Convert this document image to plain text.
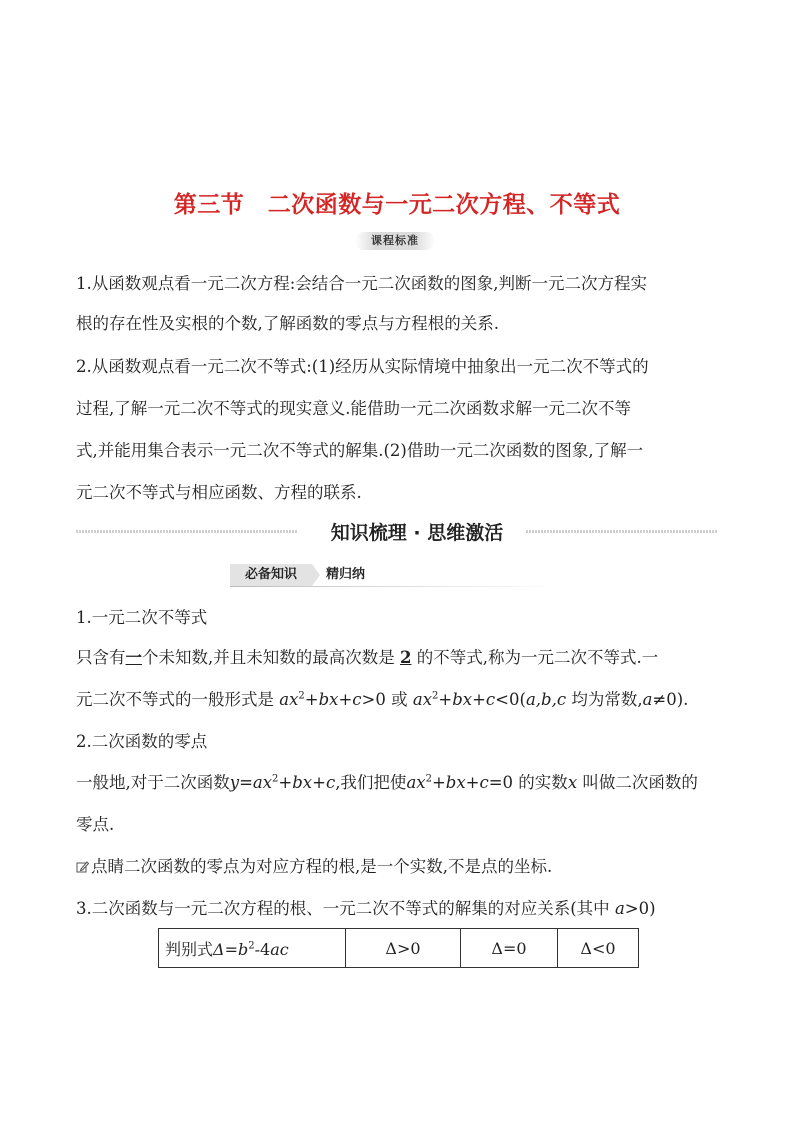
第三节　二次函数与一元二次方程、不等式
课程标准
1.从函数观点看一元二次方程:会结合一元二次函数的图象,判断一元二次方程实
根的存在性及实根的个数,了解函数的零点与方程根的关系.
2.从函数观点看一元二次不等式:(1)经历从实际情境中抽象出一元二次不等式的
过程,了解一元二次不等式的现实意义.能借助一元二次函数求解一元二次不等
式,并能用集合表示一元二次不等式的解集.(2)借助一元二次函数的图象,了解一
元二次不等式与相应函数、方程的联系.
知识梳理 · 思维激活
必备知识	精归纳
1.一元二次不等式
只含有一个未知数,并且未知数的最高次数是 2 的不等式,称为一元二次不等式.一
元二次不等式的一般形式是 $ax^2+bx+c>0$ 或 $ax^2+bx+c<0(a,b,c$ 均为常数,a≠0).
2.二次函数的零点
一般地,对于二次函数$y=ax^2+bx+c$,我们把使$ax^2+bx+c=0$ 的实数x 叫做二次函数的
零点.
点睛二次函数的零点为对应方程的根,是一个实数,不是点的坐标.
3.二次函数与一元二次方程的根、一元二次不等式的解集的对应关系(其中 a>0)
判别式$\Delta=b^2-4ac$	Δ>0	Δ=0	Δ<0
